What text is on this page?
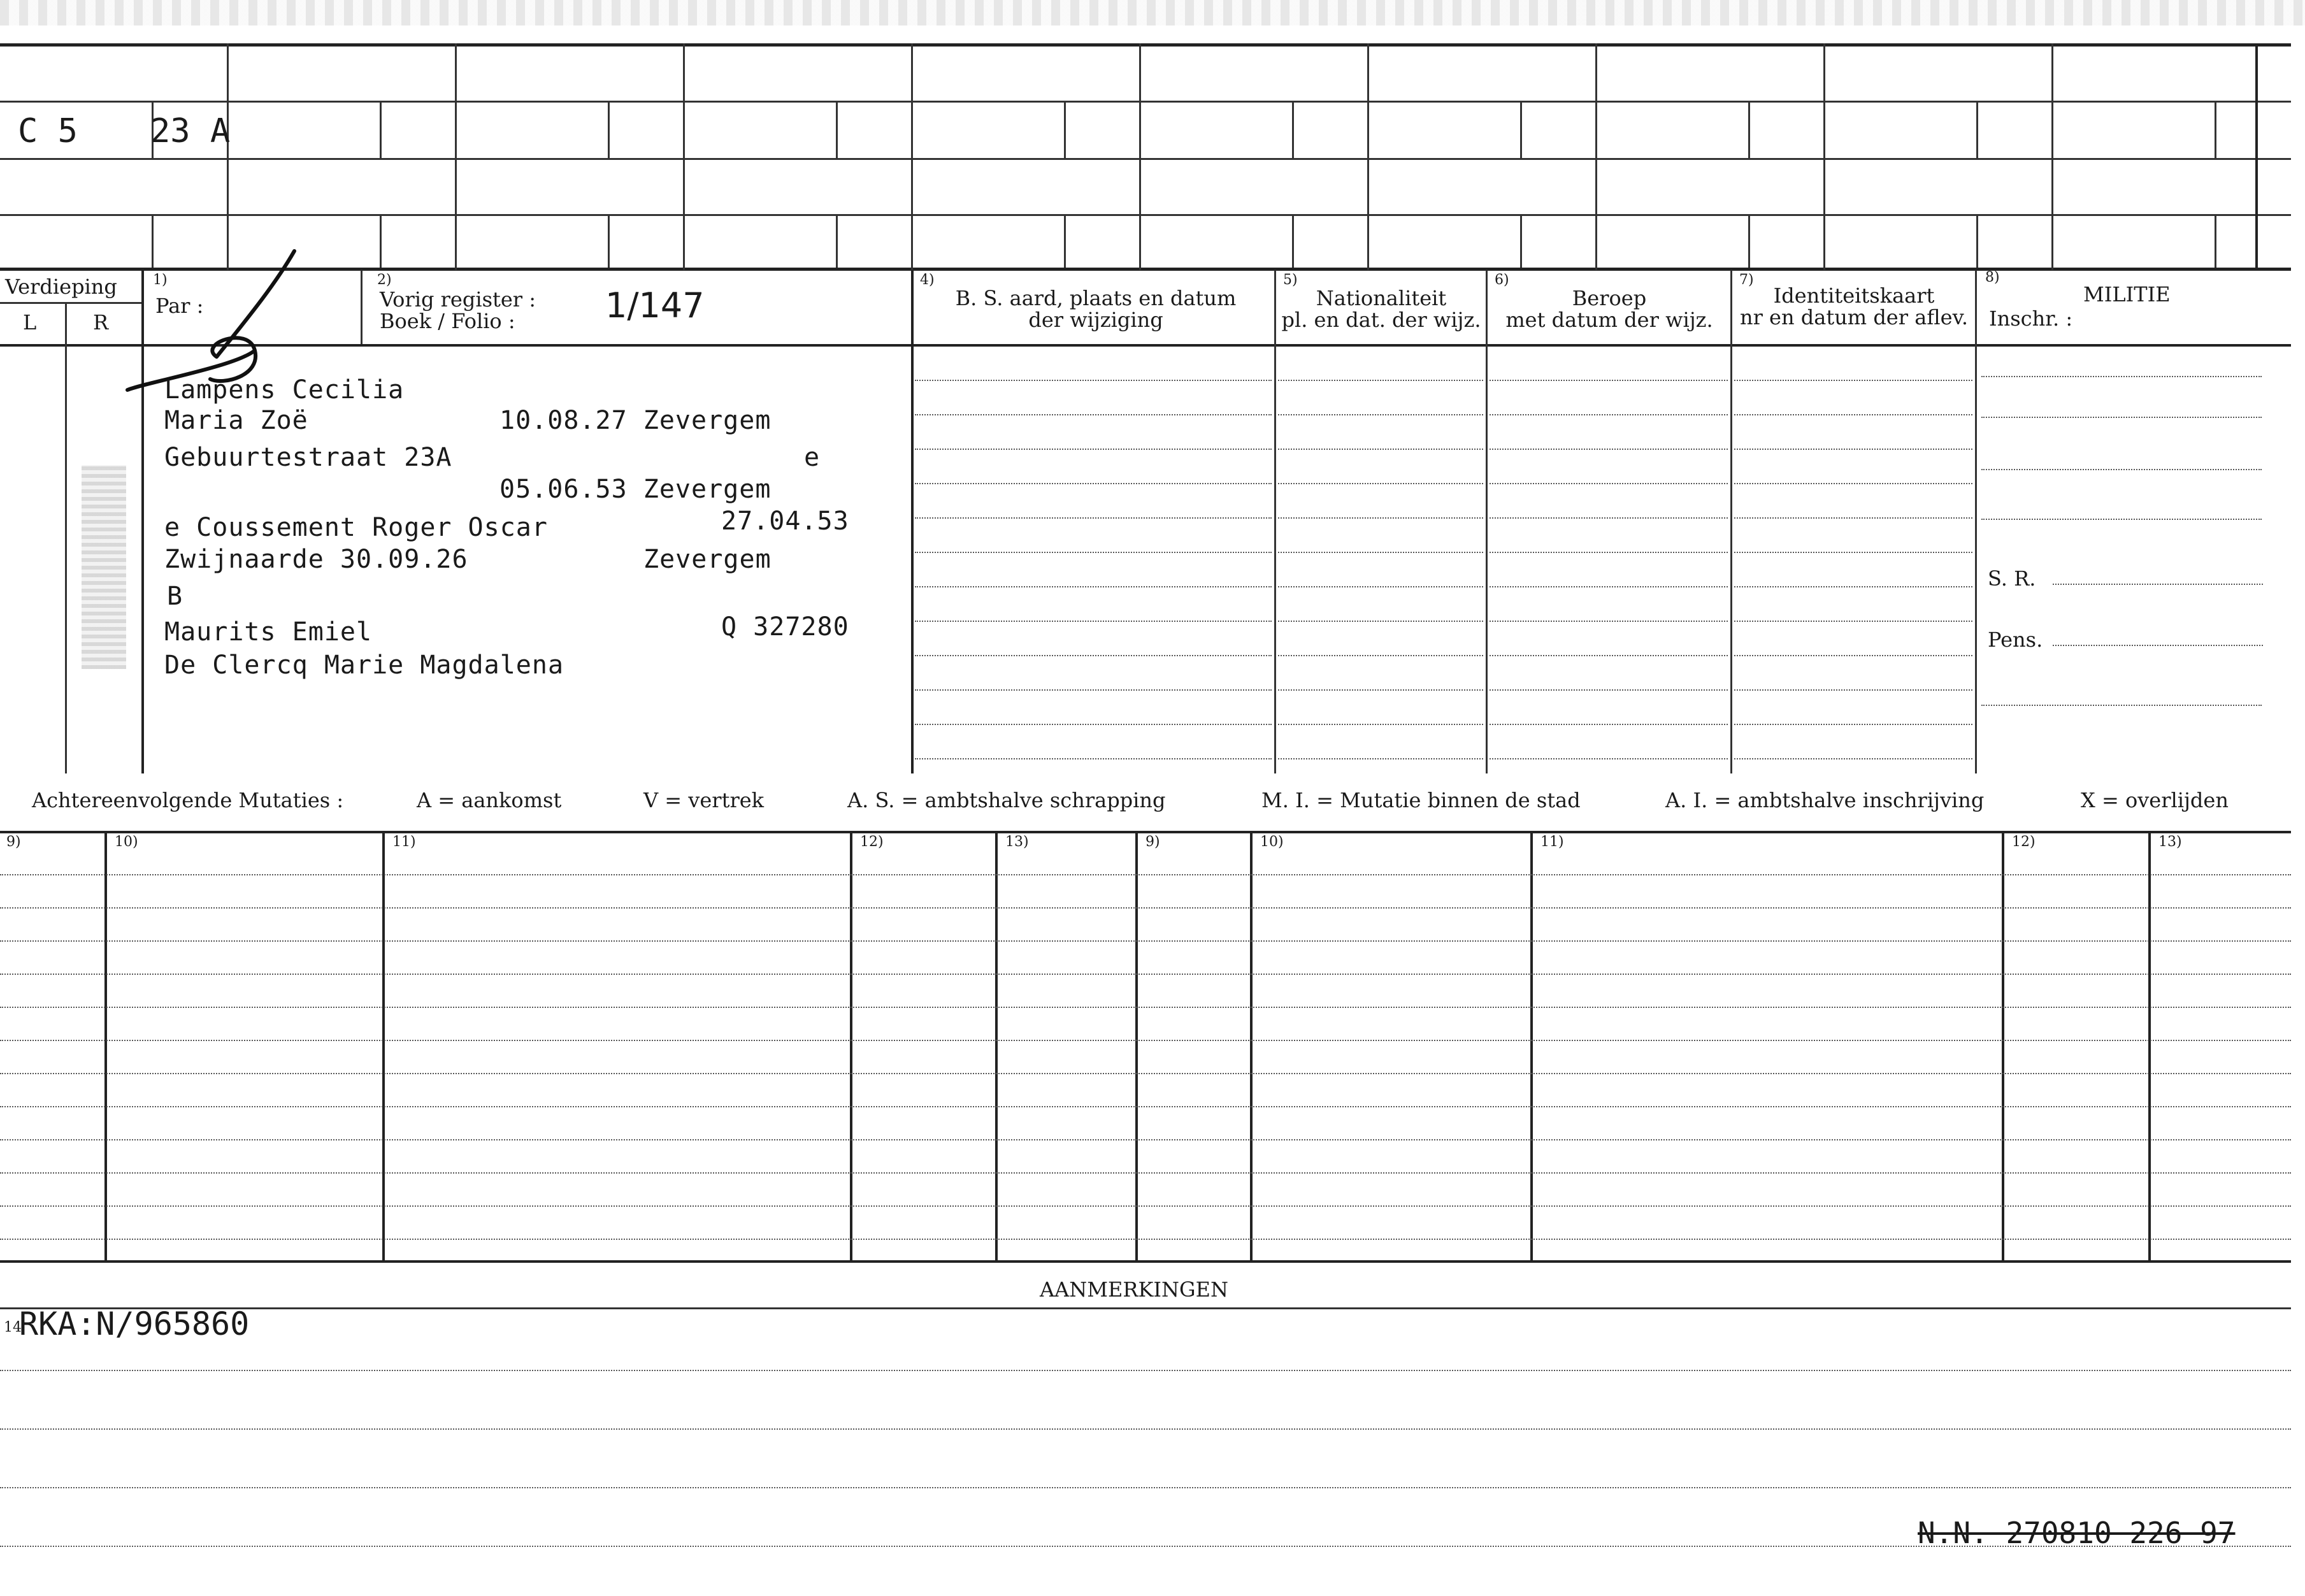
C 5 23 A
Verdieping
L	R
1)
Par :
2)
Vorig register :
Boek / Folio :	1/147
4)
B. S. aard, plaats en datum
der wijziging
5)
Nationaliteit
pl. en dat. der wijz.
6)
Beroep
met datum der wijz.
7)
Identiteitskaart
nr en datum der aflev.
8)
MILITIE
Inschr. :
S. R.
Pens.
Lampens Cecilia
Maria Zoë	10.08.27 Zevergem
Gebuurtestraat 23A	e
05.06.53 Zevergem
e Coussement Roger Oscar	27.04.53
Zwijnaarde 30.09.26	Zevergem
B
Maurits Emiel	Q 327280
De Clercq Marie Magdalena
Achtereenvolgende Mutaties :	A = aankomst	V = vertrek	A. S. = ambtshalve schrapping	M. I. = Mutatie binnen de stad	A. I. = ambtshalve inschrijving	X = overlijden
9)	10)	11)	12)	13)	9)	10)	11)	12)	13)
AANMERKINGEN
14
RKA:N/965860
N.N. 270810 226 97
